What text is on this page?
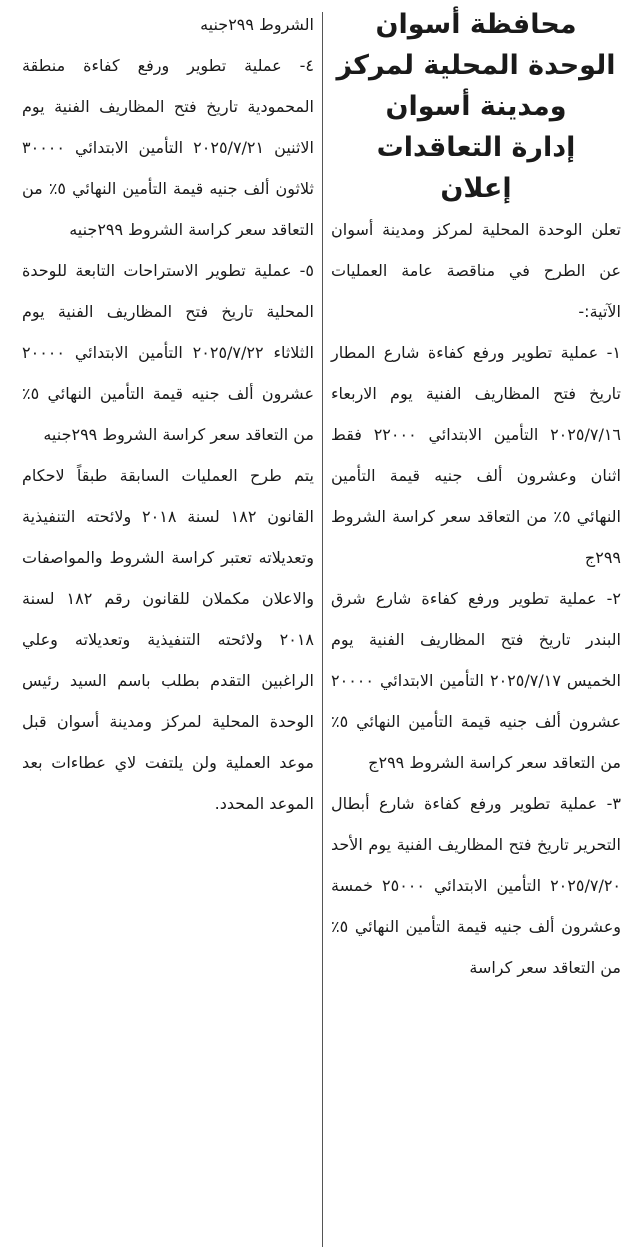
محافظة أسوان

الوحدة المحلية لمركز

ومدينة أسوان

إدارة التعاقدات

إعلان

تعلن الوحدة المحلية لمركز ومدينة أسوان عن الطرح في مناقصة عامة العمليات الآتية:-

١- عملية تطوير ورفع كفاءة شارع المطار تاريخ فتح المظاريف الفنية يوم الاربعاء ٢٠٢٥/٧/١٦ التأمين الابتدائي ٢٢٠٠٠ فقط اثنان وعشرون ألف جنيه قيمة التأمين النهائي ٥٪ من التعاقد سعر كراسة الشروط ٢٩٩ج

٢- عملية تطوير ورفع كفاءة شارع شرق البندر تاريخ فتح المظاريف الفنية يوم الخميس ٢٠٢٥/٧/١٧ التأمين الابتدائي ٢٠٠٠٠ عشرون ألف جنيه قيمة التأمين النهائي ٥٪ من التعاقد سعر كراسة الشروط ٢٩٩ج

٣- عملية تطوير ورفع كفاءة شارع أبطال التحرير تاريخ فتح المظاريف الفنية يوم الأحد ٢٠٢٥/٧/٢٠ التأمين الابتدائي ٢٥٠٠٠ خمسة وعشرون ألف جنيه قيمة التأمين النهائي ٥٪ من التعاقد سعر كراسة

الشروط ٢٩٩جنيه

٤- عملية تطوير ورفع كفاءة منطقة المحمودية تاريخ فتح المظاريف الفنية يوم الاثنين ٢٠٢٥/٧/٢١ التأمين الابتدائي ٣٠٠٠٠ ثلاثون ألف جنيه قيمة التأمين النهائي ٥٪ من التعاقد سعر كراسة الشروط ٢٩٩جنيه

٥- عملية تطوير الاستراحات التابعة للوحدة المحلية تاريخ فتح المظاريف الفنية يوم الثلاثاء ٢٠٢٥/٧/٢٢ التأمين الابتدائي ٢٠٠٠٠ عشرون ألف جنيه قيمة التأمين النهائي ٥٪ من التعاقد سعر كراسة الشروط ٢٩٩جنيه

يتم طرح العمليات السابقة طبقاً لاحكام القانون ١٨٢ لسنة ٢٠١٨ ولائحته التنفيذية وتعديلاته تعتبر كراسة الشروط والمواصفات والاعلان مكملان للقانون رقم ١٨٢ لسنة ٢٠١٨ ولائحته التنفيذية وتعديلاته وعلي الراغبين التقدم بطلب باسم السيد رئيس الوحدة المحلية لمركز ومدينة أسوان قبل موعد العملية ولن يلتفت لاي عطاءات بعد الموعد المحدد.
